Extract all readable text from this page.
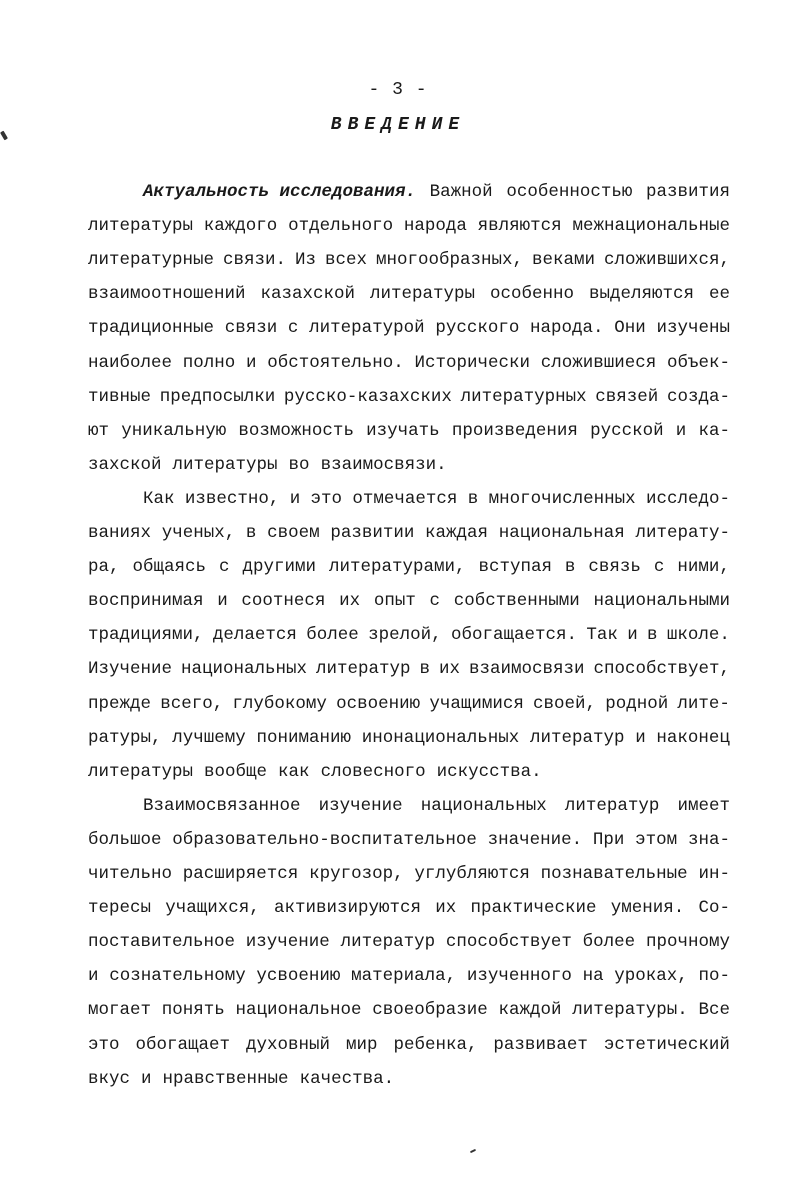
- 3 -
ВВЕДЕНИЕ
Актуальность исследования. Важной особенностью развития
литературы каждого отдельного народа являются межнациональные
литературные связи. Из всех многообразных, веками сложившихся,
взаимоотношений казахской литературы особенно выделяются ее
традиционные связи с литературой русского народа. Они изучены
наиболее полно и обстоятельно. Исторически сложившиеся объек-
тивные предпосылки русско-казахских литературных связей созда-
ют уникальную возможность изучать произведения русской и ка-
захской литературы во взаимосвязи.
Как известно, и это отмечается в многочисленных исследо-
ваниях ученых, в своем развитии каждая национальная литерату-
ра, общаясь с другими литературами, вступая в связь с ними,
воспринимая и соотнеся их опыт с собственными национальными
традициями, делается более зрелой, обогащается. Так и в школе.
Изучение национальных литератур в их взаимосвязи способствует,
прежде всего, глубокому освоению учащимися своей, родной лите-
ратуры, лучшему пониманию инонациональных литератур и наконец
литературы вообще как словесного искусства.
Взаимосвязанное изучение национальных литератур имеет
большое образовательно-воспитательное значение. При этом зна-
чительно расширяется кругозор, углубляются познавательные ин-
тересы учащихся, активизируются их практические умения. Со-
поставительное изучение литератур способствует более прочному
и сознательному усвоению материала, изученного на уроках, по-
могает понять национальное своеобразие каждой литературы. Все
это обогащает духовный мир ребенка, развивает эстетический
вкус и нравственные качества.
